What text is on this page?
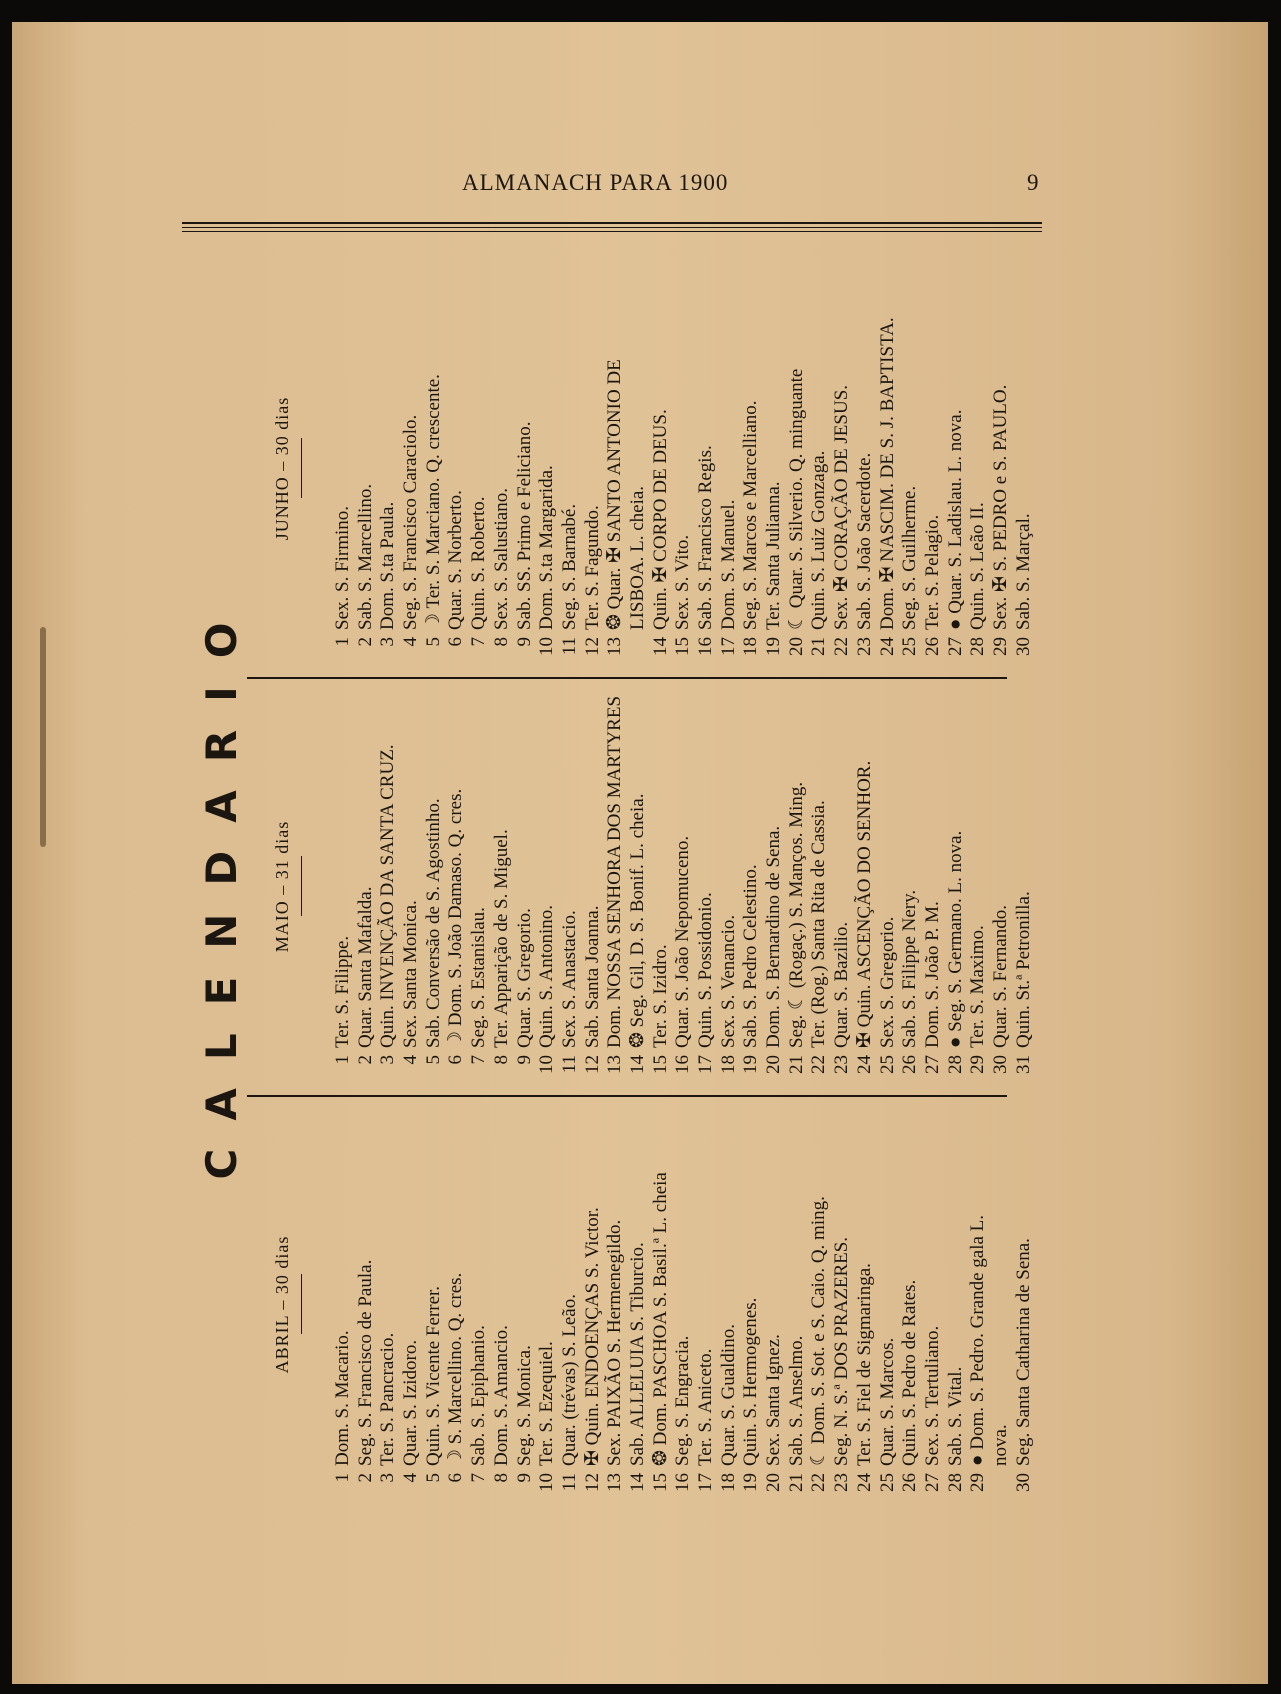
ALMANACH PARA 1900	9
CALENDARIO
ABRIL – 30 dias
1Dom. S. Macario.
2Seg. S. Francisco de Paula.
3Ter. S. Pancracio.
4Quar. S. Izidoro.
5Quin. S. Vicente Ferrer.
6☽ S. Marcellino. Q. cres.
7Sab. S. Epiphanio.
8Dom. S. Amancio.
9Seg. S. Monica.
10Ter. S. Ezequiel.
11Quar. (trévas) S. Leão.
12✠ Quin. ENDOENÇAS S. Victor.
13Sex. PAIXÃO S. Hermenegildo.
14Sab. ALLELUIA S. Tiburcio.
15❂ Dom. PASCHOA S. Basil.ª L. cheia
16Seg. S. Engracia.
17Ter. S. Aniceto.
18Quar. S. Gualdino.
19Quin. S. Hermogenes.
20Sex. Santa Ignez.
21Sab. S. Anselmo.
22☾ Dom. S. Sot. e S. Caio. Q. ming.
23Seg. N. S.ª DOS PRAZERES.
24Ter. S. Fiel de Sigmaringa.
25Quar. S. Marcos.
26Quin. S. Pedro de Rates.
27Sex. S. Tertuliano.
28Sab. S. Vital.
29● Dom. S. Pedro. Grande gala L. nova.
30Seg. Santa Catharina de Sena.
MAIO – 31 dias
1Ter. S. Filippe.
2Quar. Santa Mafalda.
3Quin. INVENÇÃO DA SANTA CRUZ.
4Sex. Santa Monica.
5Sab. Conversão de S. Agostinho.
6☽ Dom. S. João Damaso. Q. cres.
7Seg. S. Estanislau.
8Ter. Apparição de S. Miguel.
9Quar. S. Gregorio.
10Quin. S. Antonino.
11Sex. S. Anastacio.
12Sab. Santa Joanna.
13Dom. NOSSA SENHORA DOS MARTYRES
14❂ Seg. Gil, D. S. Bonif. L. cheia.
15Ter. S. Izidro.
16Quar. S. João Nepomuceno.
17Quin. S. Possidonio.
18Sex. S. Venancio.
19Sab. S. Pedro Celestino.
20Dom. S. Bernardino de Sena.
21Seg. ☾ (Rogaç.) S. Manços. Ming.
22Ter. (Rog.) Santa Rita de Cassia.
23Quar. S. Bazilio.
24✠ Quin. ASCENÇÃO DO SENHOR.
25Sex. S. Gregorio.
26Sab. S. Filippe Nery.
27Dom. S. João P. M.
28● Seg. S. Germano. L. nova.
29Ter. S. Maximo.
30Quar. S. Fernando.
31Quin. St.ª Petronilla.
JUNHO – 30 dias
1Sex. S. Firmino.
2Sab. S. Marcellino.
3Dom. S.ta Paula.
4Seg. S. Francisco Caraciolo.
5☽ Ter. S. Marciano. Q. crescente.
6Quar. S. Norberto.
7Quin. S. Roberto.
8Sex. S. Salustiano.
9Sab. SS. Primo e Feliciano.
10Dom. S.ta Margarida.
11Seg. S. Barnabé.
12Ter. S. Fagundo.
13❂ Quar. ✠ SANTO ANTONIO DE LISBOA. L. cheia.
14Quin. ✠ CORPO DE DEUS.
15Sex. S. Vito.
16Sab. S. Francisco Regis.
17Dom. S. Manuel.
18Seg. S. Marcos e Marcelliano.
19Ter. Santa Julianna.
20☾ Quar. S. Silverio. Q. minguante
21Quin. S. Luiz Gonzaga.
22Sex. ✠ CORAÇÃO DE JESUS.
23Sab. S. João Sacerdote.
24Dom. ✠ NASCIM. DE S. J. BAPTISTA.
25Seg. S. Guilherme.
26Ter. S. Pelagio.
27● Quar. S. Ladislau. L. nova.
28Quin. S. Leão II.
29Sex. ✠ S. PEDRO e S. PAULO.
30Sab. S. Marçal.
